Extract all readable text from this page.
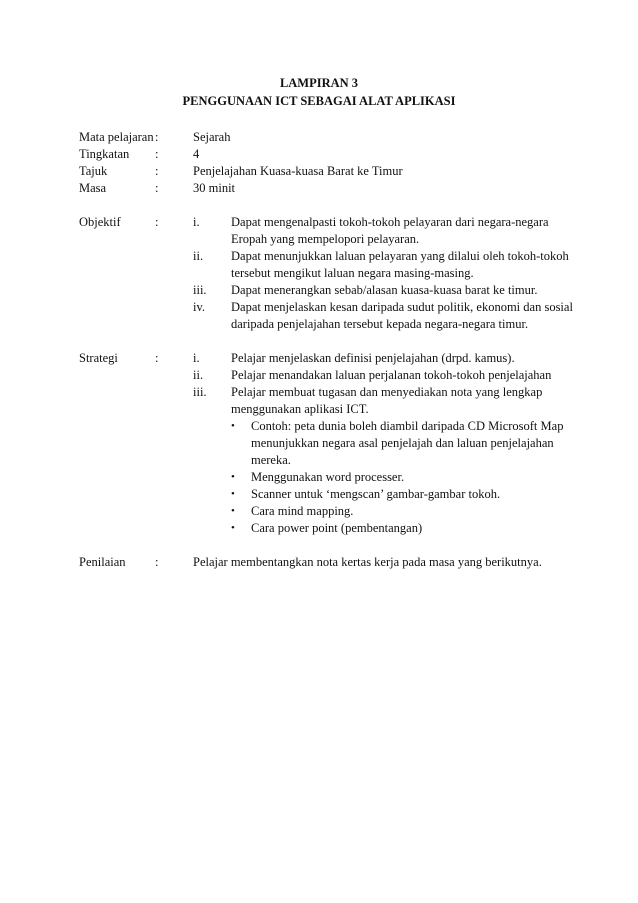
LAMPIRAN 3
PENGGUNAAN ICT SEBAGAI ALAT APLIKASI
Mata pelajaran :	Sejarah
Tingkatan :	4
Tajuk	:	Penjelajahan Kuasa-kuasa Barat ke Timur
Masa	:	30 minit
Objektif	:	i.	Dapat mengenalpasti tokoh-tokoh pelayaran dari negara-negara
Eropah yang mempelopori pelayaran.
ii. Dapat menunjukkan laluan pelayaran yang dilalui oleh tokoh-tokoh
tersebut mengikut laluan negara masing-masing.
iii. Dapat menerangkan sebab/alasan kuasa-kuasa barat ke timur.
iv. Dapat menjelaskan kesan daripada sudut politik, ekonomi dan sosial
daripada penjelajahan tersebut kepada negara-negara timur.
Strategi	:	i.	Pelajar menjelaskan definisi penjelajahan (drpd. kamus).
ii. Pelajar menandakan laluan perjalanan tokoh-tokoh penjelajahan
iii. Pelajar membuat tugasan dan menyediakan nota yang lengkap
menggunakan aplikasi ICT.
• Contoh: peta dunia boleh diambil daripada CD Microsoft Map
menunjukkan negara asal penjelajah dan laluan penjelajahan
mereka.
• Menggunakan word processer.
• Scanner untuk ‘mengscan’ gambar-gambar tokoh.
• Cara mind mapping.
• Cara power point (pembentangan)
Penilaian :	Pelajar membentangkan nota kertas kerja pada masa yang berikutnya.
